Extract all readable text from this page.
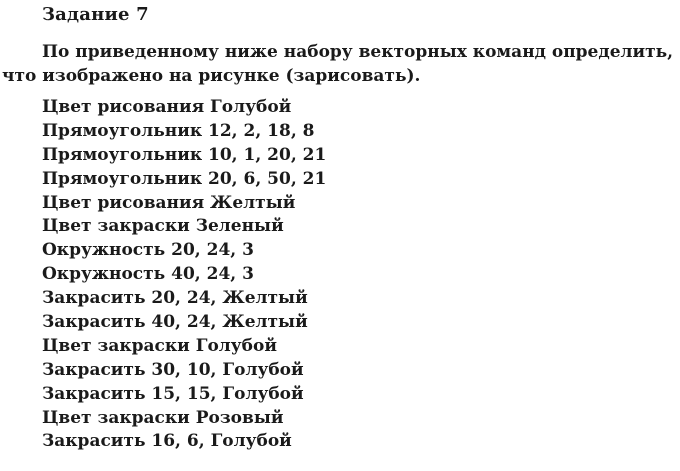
Задание 7
По приведенному ниже набору векторных команд определить,
что изображено на рисунке (зарисовать).
Цвет рисования Голубой
Прямоугольник 12, 2, 18, 8
Прямоугольник 10, 1, 20, 21
Прямоугольник 20, 6, 50, 21
Цвет рисования Желтый
Цвет закраски Зеленый
Окружность 20, 24, 3
Окружность 40, 24, 3
Закрасить 20, 24, Желтый
Закрасить 40, 24, Желтый
Цвет закраски Голубой
Закрасить 30, 10, Голубой
Закрасить 15, 15, Голубой
Цвет закраски Розовый
Закрасить 16, 6, Голубой
